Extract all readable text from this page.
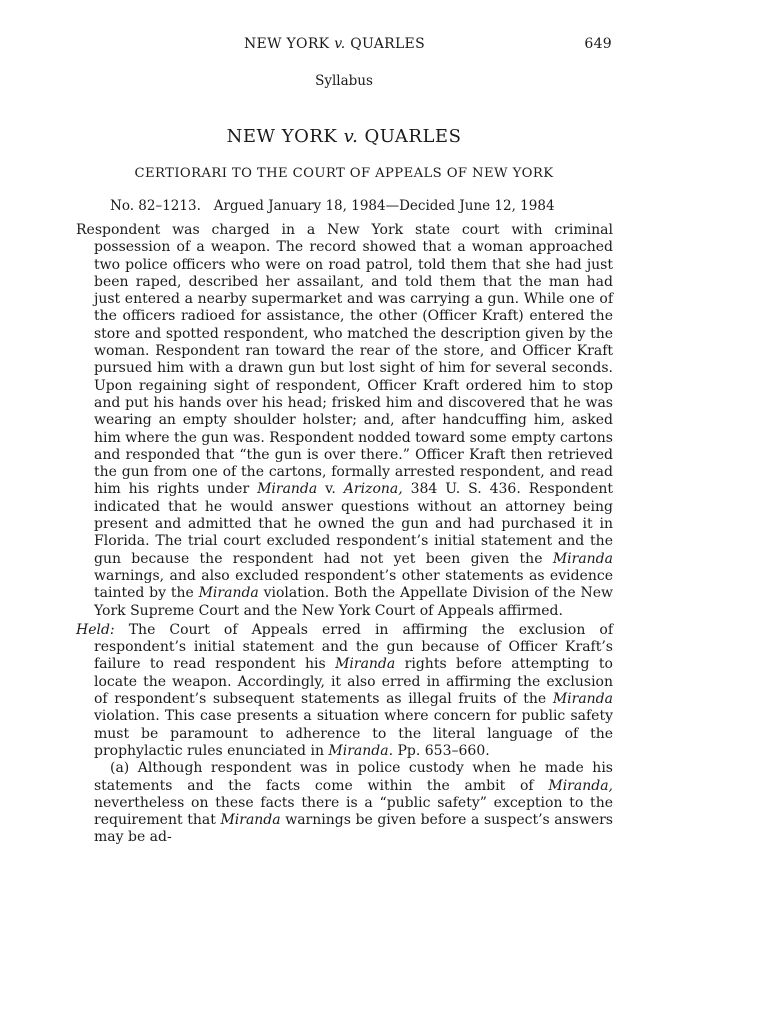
NEW YORK v. QUARLES	649
Syllabus
NEW YORK v. QUARLES
CERTIORARI TO THE COURT OF APPEALS OF NEW YORK
No. 82–1213.   Argued January 18, 1984—Decided June 12, 1984

Respondent was charged in a New York state court with criminal possession of a weapon. The record showed that a woman approached two police officers who were on road patrol, told them that she had just been raped, described her assailant, and told them that the man had just entered a nearby supermarket and was carrying a gun. While one of the officers radioed for assistance, the other (Officer Kraft) entered the store and spotted respondent, who matched the description given by the woman. Respondent ran toward the rear of the store, and Officer Kraft pursued him with a drawn gun but lost sight of him for several seconds. Upon regaining sight of respondent, Officer Kraft ordered him to stop and put his hands over his head; frisked him and discovered that he was wearing an empty shoulder holster; and, after handcuffing him, asked him where the gun was. Respondent nodded toward some empty cartons and responded that “the gun is over there.” Officer Kraft then retrieved the gun from one of the cartons, formally arrested respondent, and read him his rights under Miranda v. Arizona, 384 U. S. 436. Respondent indicated that he would answer questions without an attorney being present and admitted that he owned the gun and had purchased it in Florida. The trial court excluded respondent’s initial statement and the gun because the respondent had not yet been given the Miranda warnings, and also excluded respondent’s other statements as evidence tainted by the Miranda violation. Both the Appellate Division of the New York Supreme Court and the New York Court of Appeals affirmed.

Held: The Court of Appeals erred in affirming the exclusion of respondent’s initial statement and the gun because of Officer Kraft’s failure to read respondent his Miranda rights before attempting to locate the weapon. Accordingly, it also erred in affirming the exclusion of respondent’s subsequent statements as illegal fruits of the Miranda violation. This case presents a situation where concern for public safety must be paramount to adherence to the literal language of the prophylactic rules enunciated in Miranda. Pp. 653–660.

(a) Although respondent was in police custody when he made his statements and the facts come within the ambit of Miranda, nevertheless on these facts there is a “public safety” exception to the requirement that Miranda warnings be given before a suspect’s answers may be ad-
